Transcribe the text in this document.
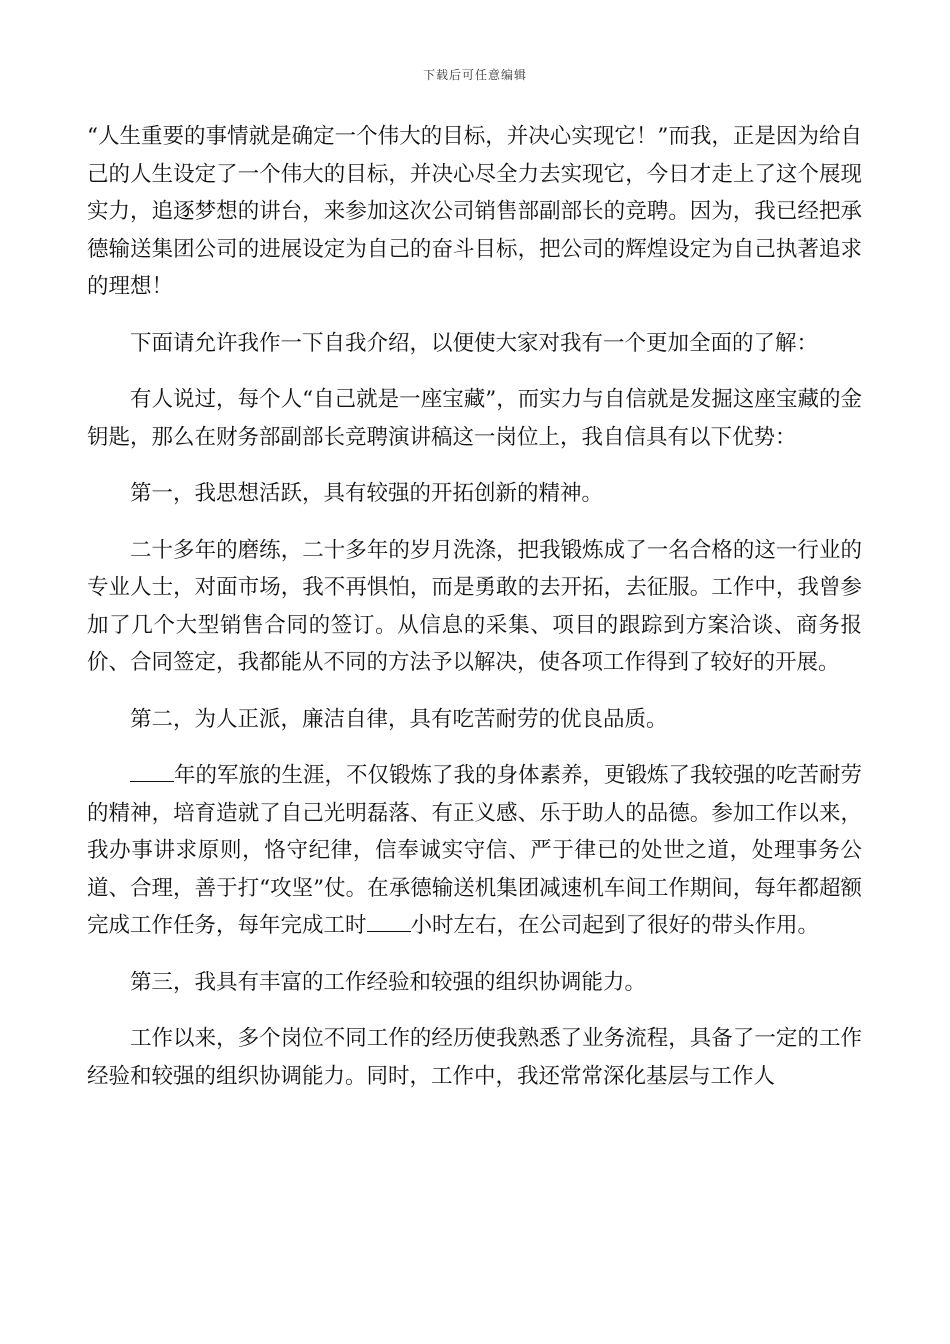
下载后可任意编辑

“人生重要的事情就是确定一个伟大的目标，并决心实现它！”而我，正是因为给自己的人生设定了一个伟大的目标，并决心尽全力去实现它，今日才走上了这个展现实力，追逐梦想的讲台，来参加这次公司销售部副部长的竞聘。因为，我已经把承德输送集团公司的进展设定为自己的奋斗目标，把公司的辉煌设定为自己执著追求的理想！

下面请允许我作一下自我介绍，以便使大家对我有一个更加全面的了解：

有人说过，每个人“自己就是一座宝藏”，而实力与自信就是发掘这座宝藏的金钥匙，那么在财务部副部长竞聘演讲稿这一岗位上，我自信具有以下优势：

第一，我思想活跃，具有较强的开拓创新的精神。

二十多年的磨练，二十多年的岁月洗涤，把我锻炼成了一名合格的这一行业的专业人士，对面市场，我不再惧怕，而是勇敢的去开拓，去征服。工作中，我曾参加了几个大型销售合同的签订。从信息的采集、项目的跟踪到方案洽谈、商务报价、合同签定，我都能从不同的方法予以解决，使各项工作得到了较好的开展。

第二，为人正派，廉洁自律，具有吃苦耐劳的优良品质。

年的军旅的生涯，不仅锻炼了我的身体素养，更锻炼了我较强的吃苦耐劳的精神，培育造就了自己光明磊落、有正义感、乐于助人的品德。参加工作以来，我办事讲求原则，恪守纪律，信奉诚实守信、严于律已的处世之道，处理事务公道、合理，善于打“攻坚”仗。在承德输送机集团减速机车间工作期间，每年都超额完成工作任务，每年完成工时 小时左右，在公司起到了很好的带头作用。

第三，我具有丰富的工作经验和较强的组织协调能力。

工作以来，多个岗位不同工作的经历使我熟悉了业务流程，具备了一定的工作经验和较强的组织协调能力。同时，工作中，我还常常深化基层与工作人
